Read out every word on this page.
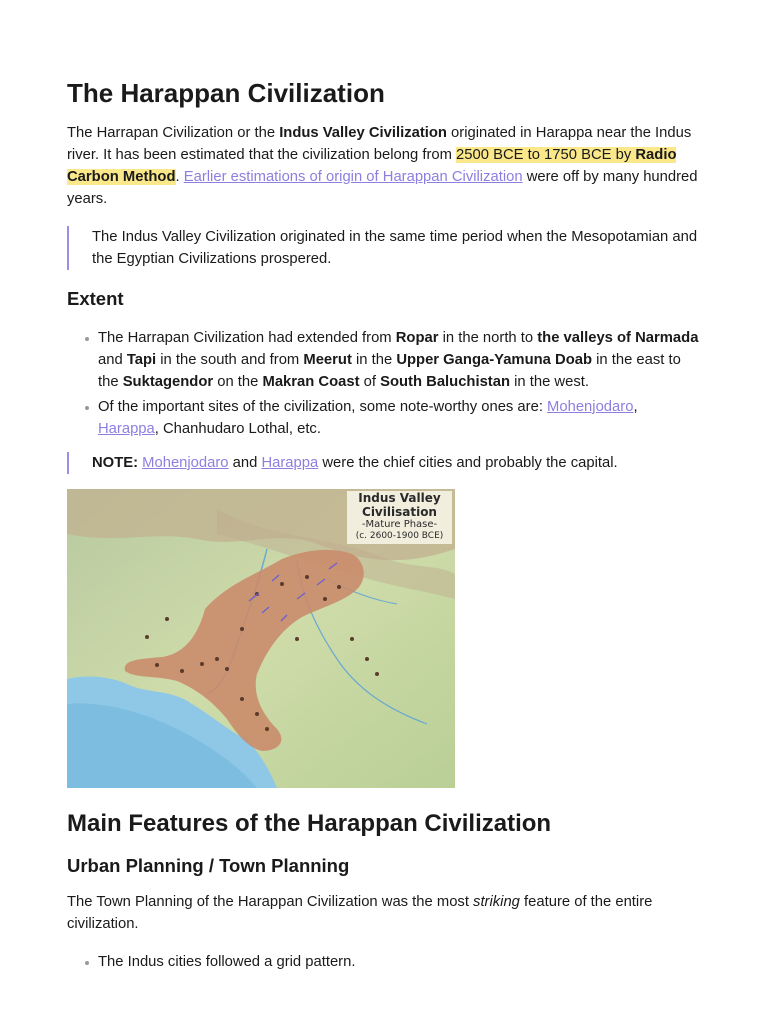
The Harappan Civilization

The Harrapan Civilization or the Indus Valley Civilization originated in Harappa near the Indus river. It has been estimated that the civilization belong from 2500 BCE to 1750 BCE by Radio Carbon Method. Earlier estimations of origin of Harappan Civilization were off by many hundred years.

The Indus Valley Civilization originated in the same time period when the Mesopotamian and the Egyptian Civilizations prospered.
Extent
The Harrapan Civilization had extended from Ropar in the north to the valleys of Narmada and Tapi in the south and from Meerut in the Upper Ganga-Yamuna Doab in the east to the Suktagendor on the Makran Coast of South Baluchistan in the west.
Of the important sites of the civilization, some note-worthy ones are: Mohenjodaro, Harappa, Chanhudaro Lothal, etc.
NOTE: Mohenjodaro and Harappa were the chief cities and probably the capital.
Indus Valley
Civilisation
-Mature Phase-
(c. 2600-1900 BCE)
Main Features of the Harappan Civilization
Urban Planning / Town Planning

The Town Planning of the Harappan Civilization was the most striking feature of the entire civilization.

The Indus cities followed a grid pattern.
